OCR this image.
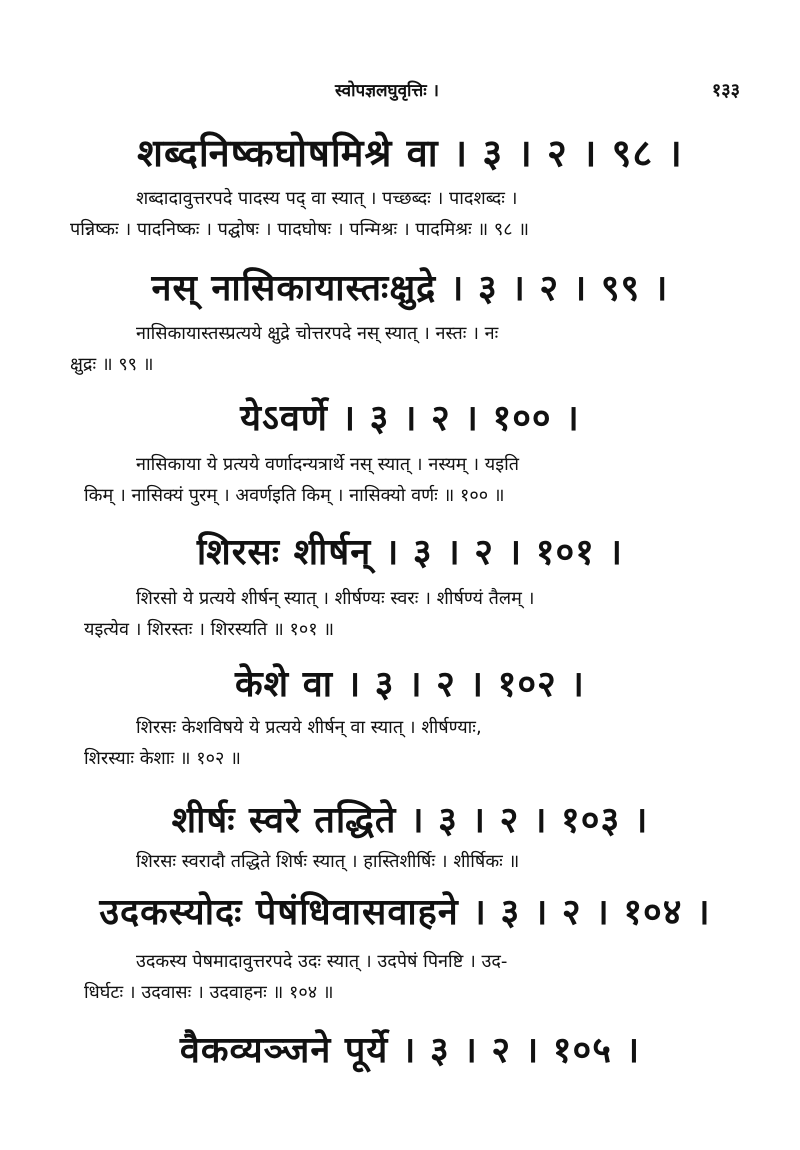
स्वोपज्ञलघुवृत्तिः ।	१३३
शब्दनिष्कघोषमिश्रे वा । ३ । २ । ९८ ।

शब्दादावुत्तरपदे पादस्य पद् वा स्यात् । पच्छब्दः । पादशब्दः ।

पन्निष्कः । पादनिष्कः । पद्घोषः । पादघोषः । पन्मिश्रः । पादमिश्रः ॥ ९८ ॥

नस् नासिकायास्तःक्षुद्रे । ३ । २ । ९९ ।

नासिकायास्तस्प्रत्यये क्षुद्रे चोत्तरपदे नस् स्यात् । नस्तः । नः

क्षुद्रः ॥ ९९ ॥

येऽवर्णे । ३ । २ । १०० ।

नासिकाया ये प्रत्यये वर्णादन्यत्रार्थे नस् स्यात् । नस्यम् । यइति

किम् । नासिक्यं पुरम् । अवर्णइति किम् । नासिक्यो वर्णः ॥ १०० ॥

शिरसः शीर्षन् । ३ । २ । १०१ ।

शिरसो ये प्रत्यये शीर्षन् स्यात् । शीर्षण्यः स्वरः । शीर्षण्यं तैलम् ।

यइत्येव । शिरस्तः । शिरस्यति ॥ १०१ ॥

केशे वा । ३ । २ । १०२ ।

शिरसः केशविषये ये प्रत्यये शीर्षन् वा स्यात् । शीर्षण्याः,

शिरस्याः केशाः ॥ १०२ ॥

शीर्षः स्वरे तद्धिते । ३ । २ । १०३ ।

शिरसः स्वरादौ तद्धिते शिर्षः स्यात् । हास्तिशीर्षिः । शीर्षिकः ॥

उदकस्योदः पेषंधिवासवाहने । ३ । २ । १०४ ।

उदकस्य पेषमादावुत्तरपदे उदः स्यात् । उदपेषं पिनष्टि । उद-

धिर्घटः । उदवासः । उदवाहनः ॥ १०४ ॥

वैकव्यञ्जने पूर्ये । ३ । २ । १०५ ।
